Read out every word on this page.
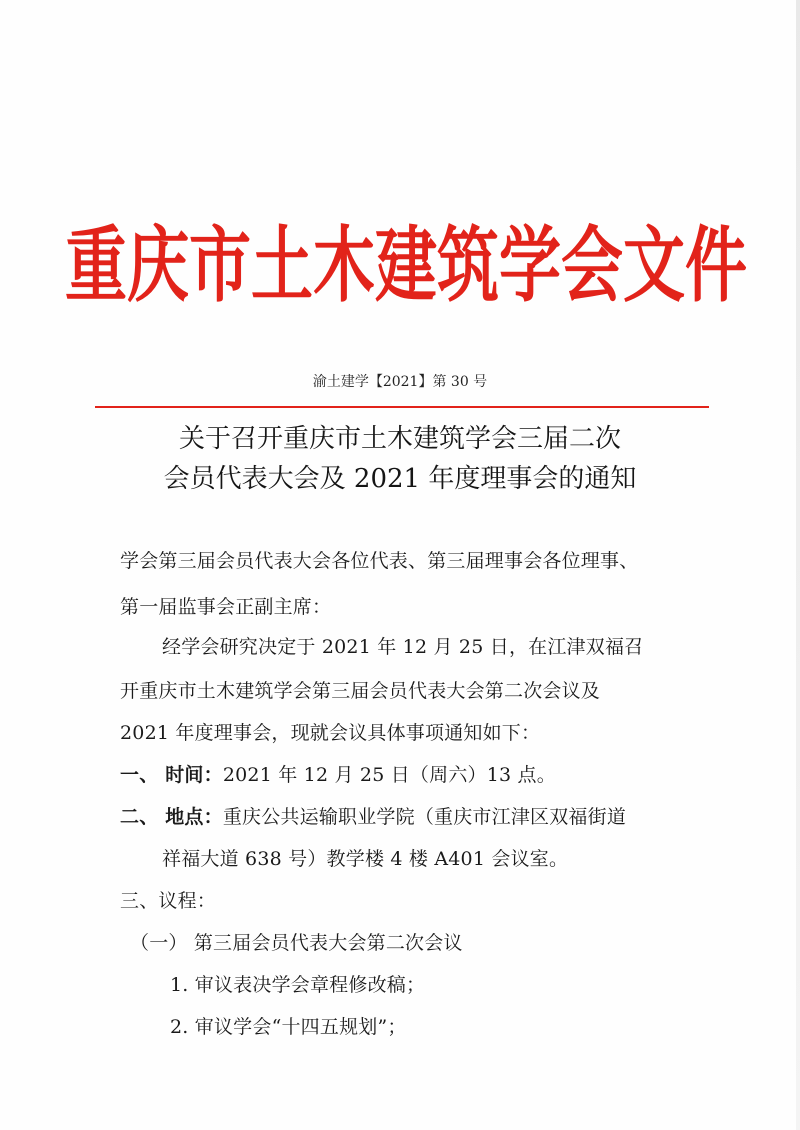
重庆市土木建筑学会文件
渝土建学【2021】第 30 号
关于召开重庆市土木建筑学会三届二次
会员代表大会及 2021 年度理事会的通知
学会第三届会员代表大会各位代表、第三届理事会各位理事、
第一届监事会正副主席：
经学会研究决定于 2021 年 12 月 25 日，在江津双福召
开重庆市土木建筑学会第三届会员代表大会第二次会议及
2021 年度理事会，现就会议具体事项通知如下：
一、 时间：2021 年 12 月 25 日（周六）13 点。
二、 地点：重庆公共运输职业学院（重庆市江津区双福街道
祥福大道 638 号）教学楼 4 楼 A401 会议室。
三、议程：
（一） 第三届会员代表大会第二次会议
1. 审议表决学会章程修改稿；
2. 审议学会“十四五规划”；
